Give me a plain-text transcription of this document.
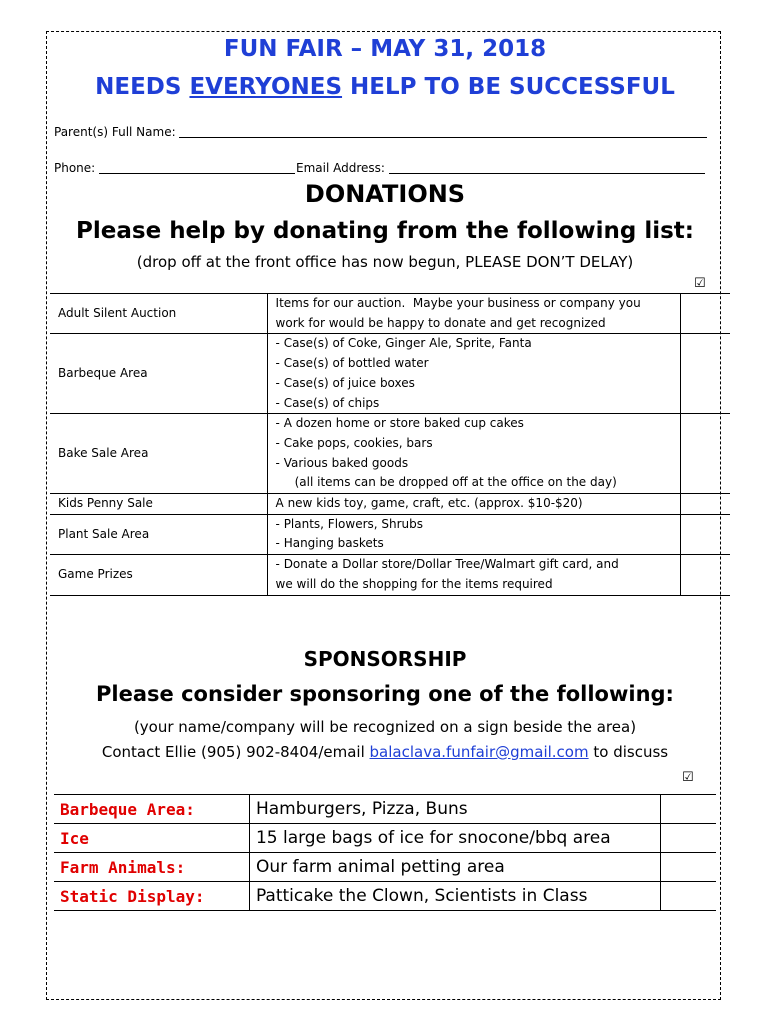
FUN FAIR – MAY 31, 2018
NEEDS EVERYONES HELP TO BE SUCCESSFUL
Parent(s) Full Name:
Phone:	Email Address:
DONATIONS
Please help by donating from the following list:
(drop off at the front office has now begun, PLEASE DON’T DELAY)
☑
Adult Silent Auction	Items for our auction.  Maybe your business or company you
work for would be happy to donate and get recognized	

Barbeque Area	- Case(s) of Coke, Ginger Ale, Sprite, Fanta
- Case(s) of bottled water
- Case(s) of juice boxes
- Case(s) of chips	

Bake Sale Area	- A dozen home or store baked cup cakes
- Cake pops, cookies, bars
- Various baked goods
(all items can be dropped off at the office on the day)	

Kids Penny Sale	A new kids toy, game, craft, etc. (approx. $10-$20)	

Plant Sale Area	- Plants, Flowers, Shrubs
- Hanging baskets	

Game Prizes	- Donate a Dollar store/Dollar Tree/Walmart gift card, and
we will do the shopping for the items required	

SPONSORSHIP
Please consider sponsoring one of the following:
(your name/company will be recognized on a sign beside the area)
Contact Ellie (905) 902-8404/email balaclava.funfair@gmail.com to discuss
☑
Barbeque Area:	Hamburgers, Pizza, Buns	
Ice	15 large bags of ice for snocone/bbq area	
Farm Animals:	Our farm animal petting area	
Static Display:	Patticake the Clown, Scientists in Class	
